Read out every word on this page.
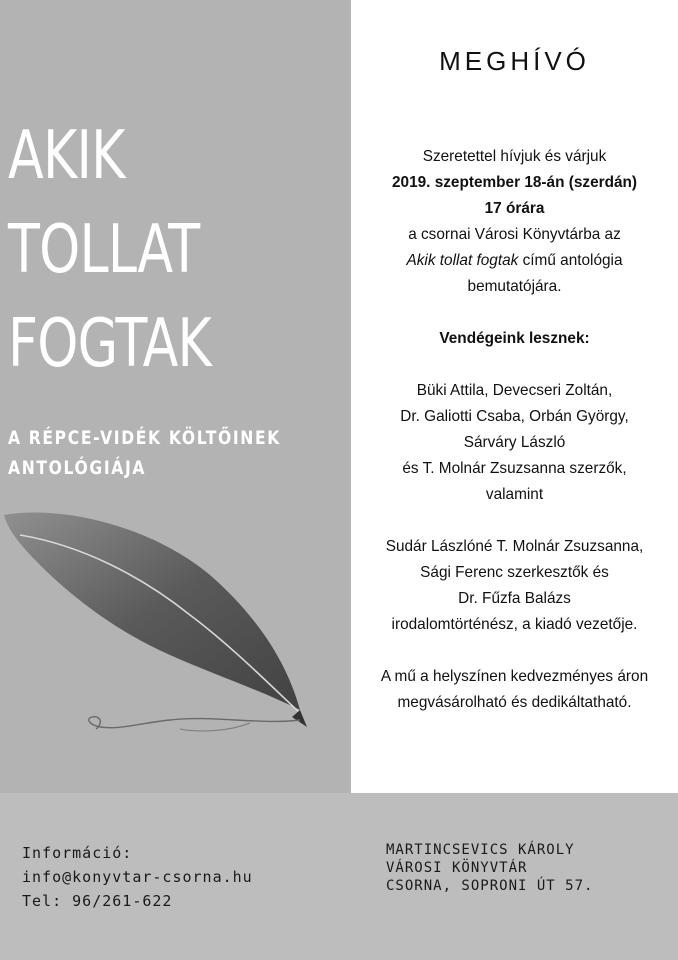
AKIK
TOLLAT
FOGTAK
A RÉPCE-VIDÉK KÖLTŐINEK
ANTOLÓGIÁJA
MEGHÍVÓ
Szeretettel hívjuk és várjuk
2019. szeptember 18-án (szerdán)
17 órára
a csornai Városi Könyvtárba az
Akik tollat fogtak című antológia
bemutatójára.
Vendégeink lesznek:
Büki Attila, Devecseri Zoltán,
Dr. Galiotti Csaba, Orbán György,
Sárváry László
és T. Molnár Zsuzsanna szerzők,
valamint
Sudár Lászlóné T. Molnár Zsuzsanna,
Sági Ferenc szerkesztők és
Dr. Fűzfa Balázs
irodalomtörténész, a kiadó vezetője.
A mű a helyszínen kedvezményes áron
megvásárolható és dedikáltatható.
Információ:
info@konyvtar-csorna.hu
Tel: 96/261-622
MARTINCSEVICS KÁROLY
VÁROSI KÖNYVTÁR
CSORNA, SOPRONI ÚT 57.
